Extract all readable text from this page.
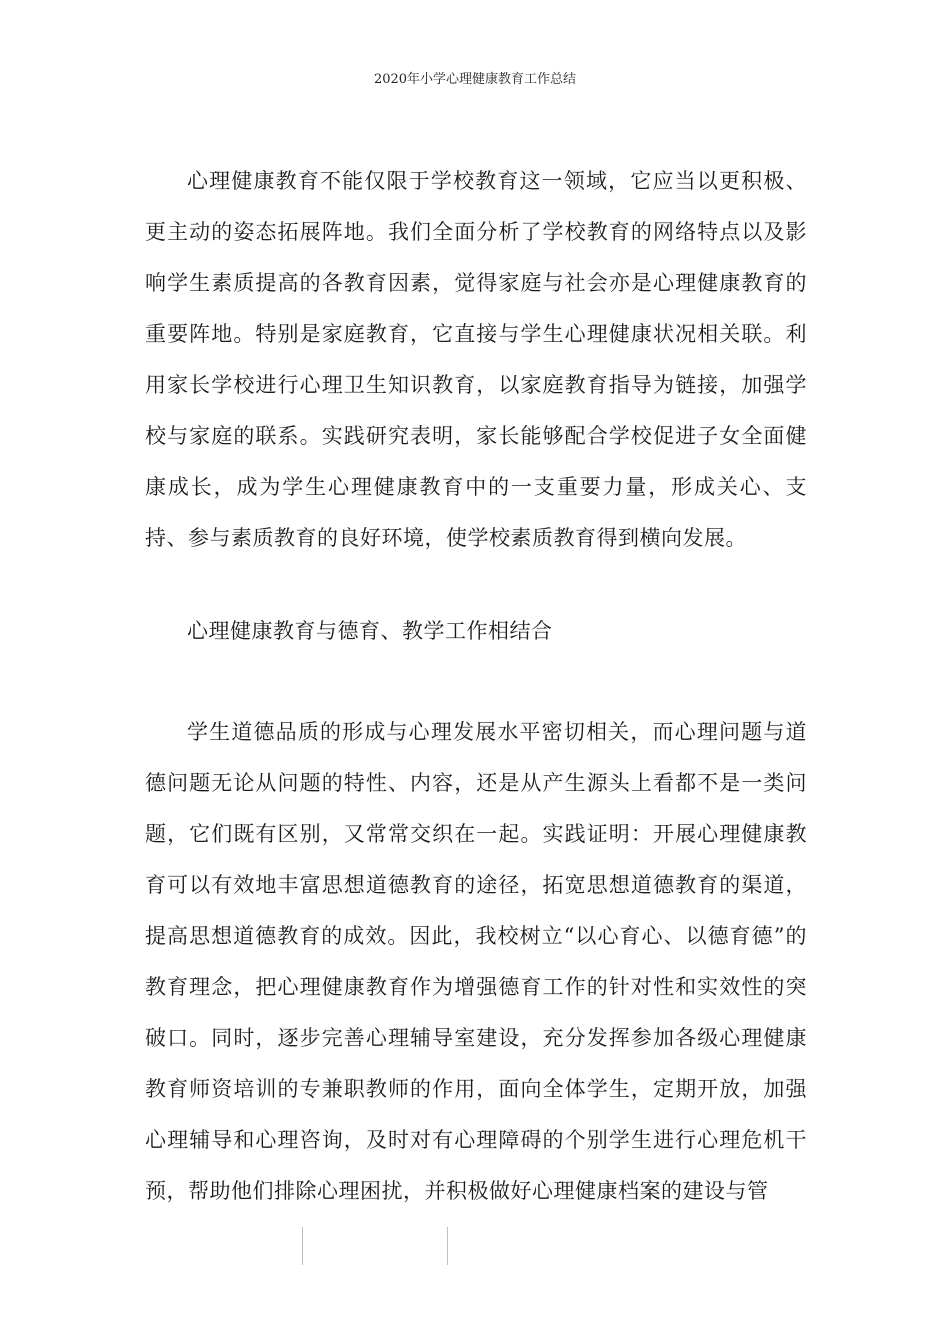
2020年小学心理健康教育工作总结

心理健康教育不能仅限于学校教育这一领域，它应当以更积极、更主动的姿态拓展阵地。我们全面分析了学校教育的网络特点以及影响学生素质提高的各教育因素，觉得家庭与社会亦是心理健康教育的重要阵地。特别是家庭教育，它直接与学生心理健康状况相关联。利用家长学校进行心理卫生知识教育，以家庭教育指导为链接，加强学校与家庭的联系。实践研究表明，家长能够配合学校促进子女全面健康成长，成为学生心理健康教育中的一支重要力量，形成关心、支持、参与素质教育的良好环境，使学校素质教育得到横向发展。

心理健康教育与德育、教学工作相结合

学生道德品质的形成与心理发展水平密切相关，而心理问题与道德问题无论从问题的特性、内容，还是从产生源头上看都不是一类问题，它们既有区别，又常常交织在一起。实践证明：开展心理健康教育可以有效地丰富思想道德教育的途径，拓宽思想道德教育的渠道，提高思想道德教育的成效。因此，我校树立“以心育心、以德育德”的教育理念，把心理健康教育作为增强德育工作的针对性和实效性的突破口。同时，逐步完善心理辅导室建设，充分发挥参加各级心理健康教育师资培训的专兼职教师的作用，面向全体学生，定期开放，加强心理辅导和心理咨询，及时对有心理障碍的个别学生进行心理危机干预，帮助他们排除心理困扰，并积极做好心理健康档案的建设与管
